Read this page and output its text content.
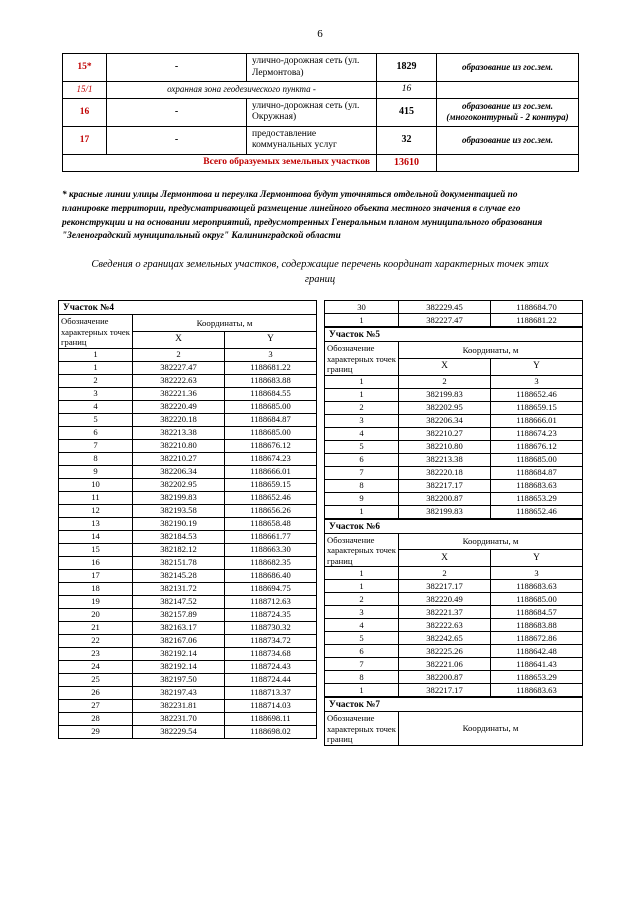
6
15*	-	улично-дорожная сеть (ул. Лермонтова)	1829	образование из гос.зем.
15/1	охранная зона геодезического пункта -		16	
16	-	улично-дорожная сеть (ул. Окружная)	415	образование из гос.зем. (многоконтурный - 2 контура)
17	-	предоставление коммунальных услуг	32	образование из гос.зем.
Всего образуемых земельных участков			13610	
* красные линии улицы Лермонтова и переулка Лермонтова будут уточняться отдельной документацией по планировке территории, предусматривающей размещение линейного объекта местного значения в случае его реконструкции и на основании мероприятий, предусмотренных Генеральным планом муниципального образования "Зеленоградский муниципальный округ" Калининградской области
Сведения о границах земельных участков, содержащие перечень координат характерных точек этих границ
Участок №4		
Обозначение характерных точек границ	Координаты, м	
	X	Y
1	2	3
1	382227.47	1188681.22
2	382222.63	1188683.88
3	382221.36	1188684.55
4	382220.49	1188685.00
5	382220.18	1188684.87
6	382213.38	1188685.00
7	382210.80	1188676.12
8	382210.27	1188674.23
9	382206.34	1188666.01
10	382202.95	1188659.15
11	382199.83	1188652.46
12	382193.58	1188656.26
13	382190.19	1188658.48
14	382184.53	1188661.77
15	382182.12	1188663.30
16	382151.78	1188682.35
17	382145.28	1188686.40
18	382131.72	1188694.75
19	382147.52	1188712.63
20	382157.89	1188724.35
21	382163.17	1188730.32
22	382167.06	1188734.72
23	382192.14	1188734.68
24	382192.14	1188724.43
25	382197.50	1188724.44
26	382197.43	1188713.37
27	382231.81	1188714.03
28	382231.70	1188698.11
29	382229.54	1188698.02
30	382229.45	1188684.70
1	382227.47	1188681.22
Участок №5		
Обозначение характерных точек границ	Координаты, м	
	X	Y
1	2	3
1	382199.83	1188652.46
2	382202.95	1188659.15
3	382206.34	1188666.01
4	382210.27	1188674.23
5	382210.80	1188676.12
6	382213.38	1188685.00
7	382220.18	1188684.87
8	382217.17	1188683.63
9	382200.87	1188653.29
1	382199.83	1188652.46
Участок №6		
Обозначение характерных точек границ	Координаты, м	
	X	Y
1	2	3
1	382217.17	1188683.63
2	382220.49	1188685.00
3	382221.37	1188684.57
4	382222.63	1188683.88
5	382242.65	1188672.86
6	382225.26	1188642.48
7	382221.06	1188641.43
8	382200.87	1188653.29
1	382217.17	1188683.63
Участок №7
Обозначение характерных точек границ	Координаты, м
